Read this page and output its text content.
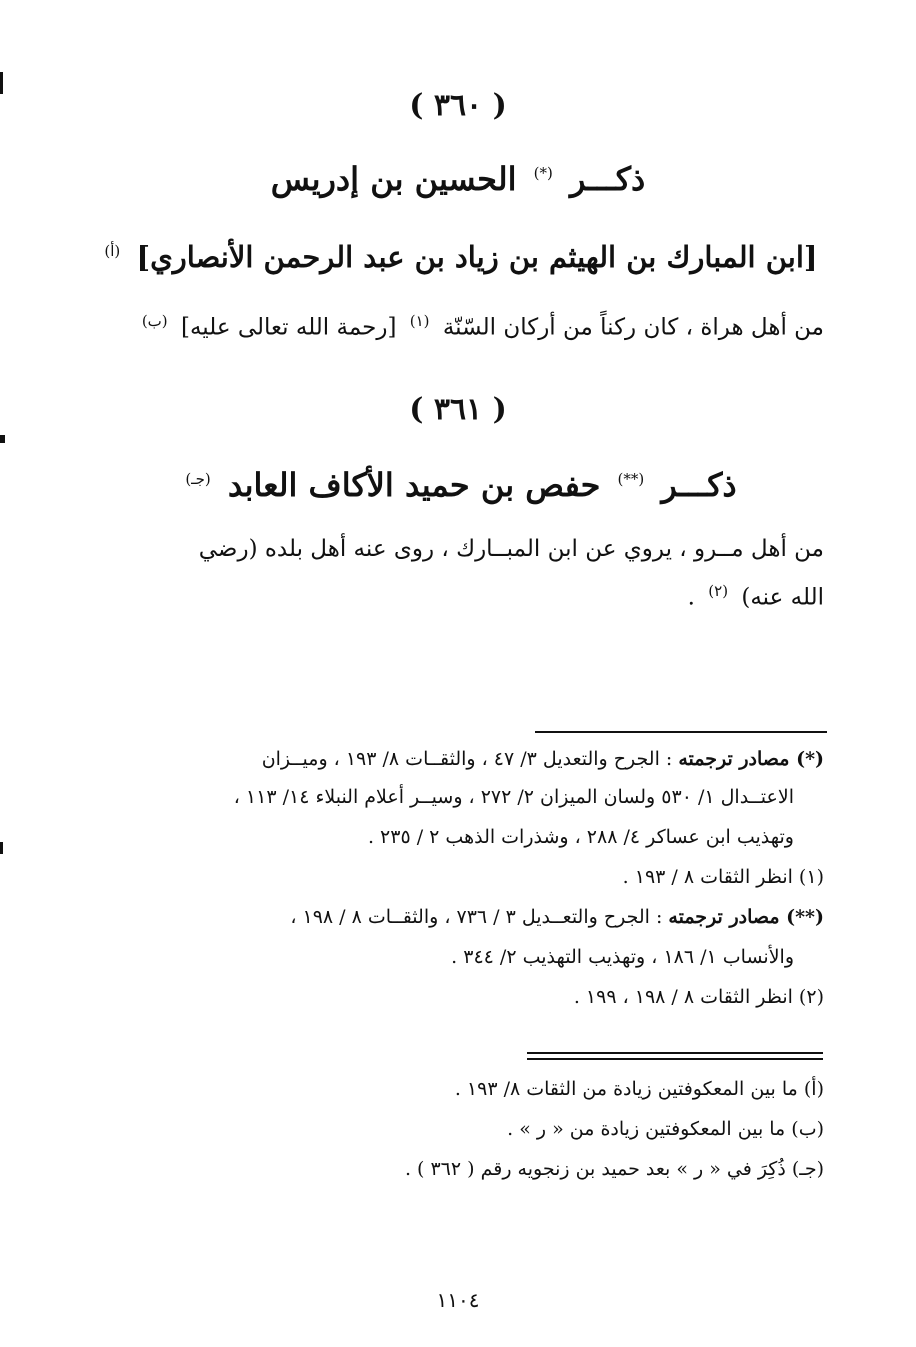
( ٣٦٠ )
ذكـــر (*) الحسين بن إدريس
[ابن المبارك بن الهيثم بن زياد بن عبد الرحمن الأنصاري] $^{(أ)}$
من أهل هراة ، كان ركناً من أركان السّنّة $^{(١)}$ [رحمة الله تعالى عليه] $^{(ب)}$
( ٣٦١ )
ذكـــر (**) حفص بن حميد الأكاف العابد $^{(جـ)}$
من أهل مــرو ، يروي عن ابن المبــارك ، روى عنه أهل بلده (رضي
الله عنه) $^{(٢)}$ .
(*) مصادر ترجمته : الجرح والتعديل ٣/ ٤٧ ، والثقــات ٨/ ١٩٣ ، وميــزان
الاعتــدال ١/ ٥٣٠ ولسان الميزان ٢/ ٢٧٢ ، وسيــر أعلام النبلاء ١٤/ ١١٣ ،
وتهذيب ابن عساكر ٤/ ٢٨٨ ، وشذرات الذهب ٢ / ٢٣٥ .
(١) انظر الثقات ٨ / ١٩٣ .
(**) مصادر ترجمته : الجرح والتعــديل ٣ / ٧٣٦ ، والثقــات ٨ / ١٩٨ ،
والأنساب ١/ ١٨٦ ، وتهذيب التهذيب ٢/ ٣٤٤ .
(٢) انظر الثقات ٨ / ١٩٨ ، ١٩٩ .
(أ) ما بين المعكوفتين زيادة من الثقات ٨/ ١٩٣ .
(ب) ما بين المعكوفتين زيادة من « ر » .
(جـ) ذُكِرَ في « ر » بعد حميد بن زنجويه رقم ( ٣٦٢ ) .
١١٠٤
